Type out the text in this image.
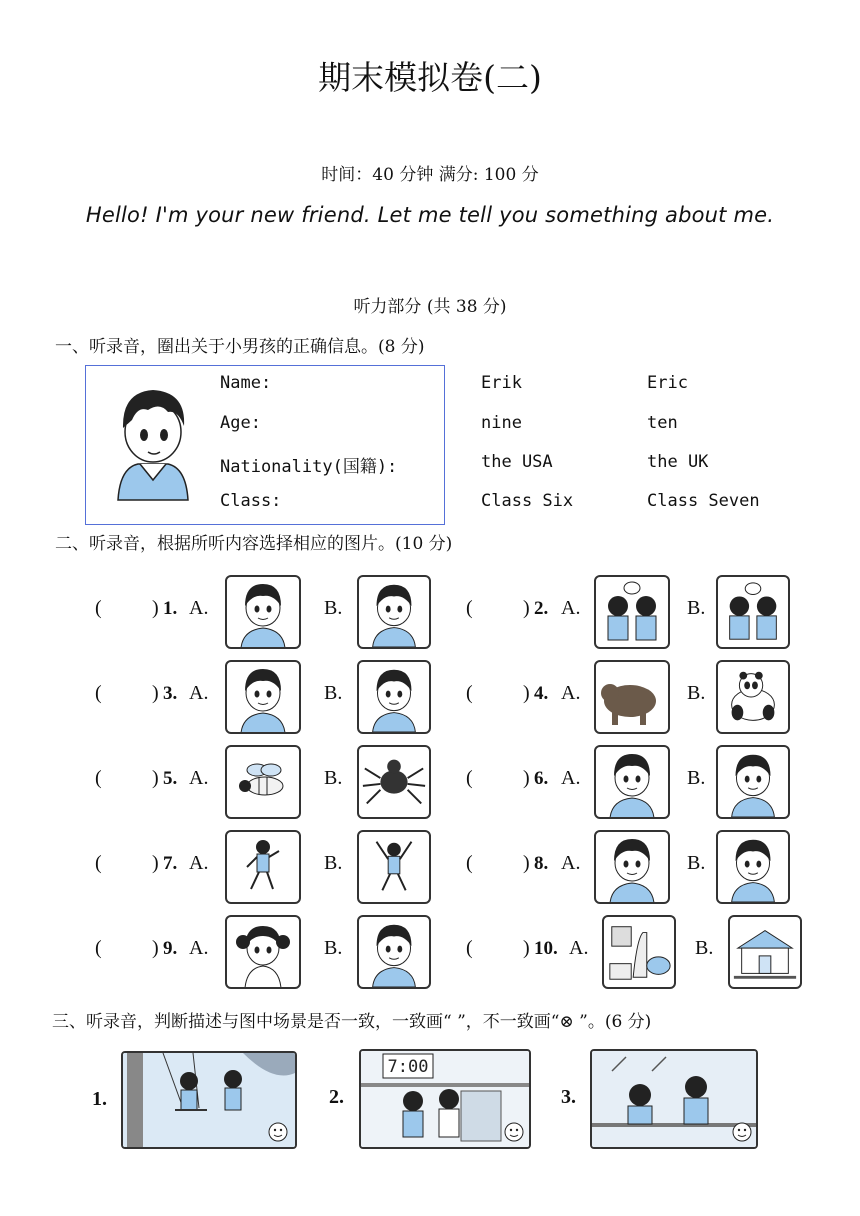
期末模拟卷(二)
时间：40 分钟 满分: 100 分
Hello! I'm your new friend. Let me tell you something about me.
听力部分 (共 38 分)
一、听录音，圈出关于小男孩的正确信息。(8 分)
Name:	Erik	Eric
Age:	nine	ten
Nationality(国籍):	the USA	the UK
Class:	Class Six	Class Seven
二、听录音，根据所听内容选择相应的图片。(10 分)
(	) 1. A.	B.	(	) 2. A.	B.
(	) 3. A.	B.	(	) 4. A.	B.
(	) 5. A.	B.	(	) 6. A.	B.
(	) 7. A.	B.	(	) 8. A.	B.
(	) 9. A.	B.	(	) 10. A.	B.
三、听录音，判断描述与图中场景是否一致，一致画“ ”，不一致画“⊗ ”。(6 分)
1.	2.
7:00
3.
